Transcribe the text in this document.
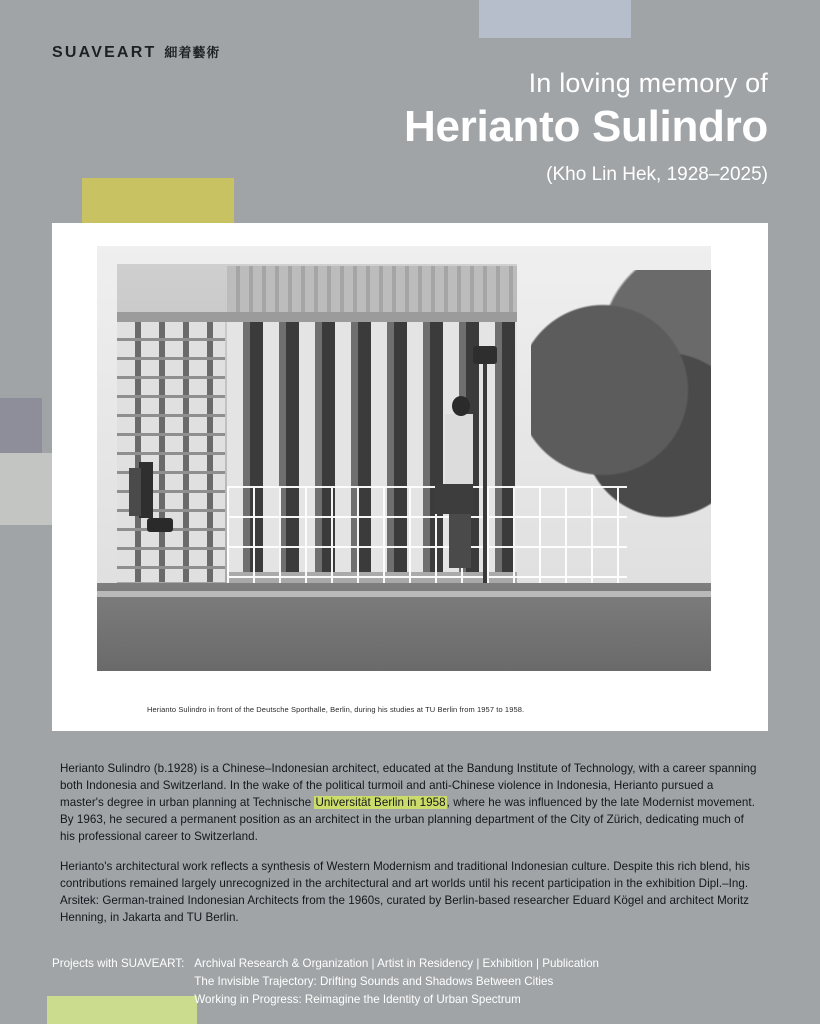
SUAVEART 細着藝術
In loving memory of
Herianto Sulindro
(Kho Lin Hek, 1928–2025)
Herianto Sulindro in front of the Deutsche Sporthalle, Berlin, during his studies at TU Berlin from 1957 to 1958.

Herianto Sulindro (b.1928) is a Chinese–Indonesian architect, educated at the Bandung Institute of Technology, with a career spanning both Indonesia and Switzerland. In the wake of the political turmoil and anti-Chinese violence in Indonesia, Herianto pursued a master's degree in urban planning at Technische Universität Berlin in 1958, where he was influenced by the late Modernist movement. By 1963, he secured a permanent position as an architect in the urban planning department of the City of Zürich, dedicating much of his professional career to Switzerland.

Herianto's architectural work reflects a synthesis of Western Modernism and traditional Indonesian culture. Despite this rich blend, his contributions remained largely unrecognized in the architectural and art worlds until his recent participation in the exhibition Dipl.–Ing. Arsitek: German-trained Indonesian Architects from the 1960s, curated by Berlin-based researcher Eduard Kögel and architect Moritz Henning, in Jakarta and TU Berlin.

Projects with SUAVEART: Archival Research & Organization | Artist in Residency | Exhibition | Publication
The Invisible Trajectory: Drifting Sounds and Shadows Between Cities
Working in Progress: Reimagine the Identity of Urban Spectrum
